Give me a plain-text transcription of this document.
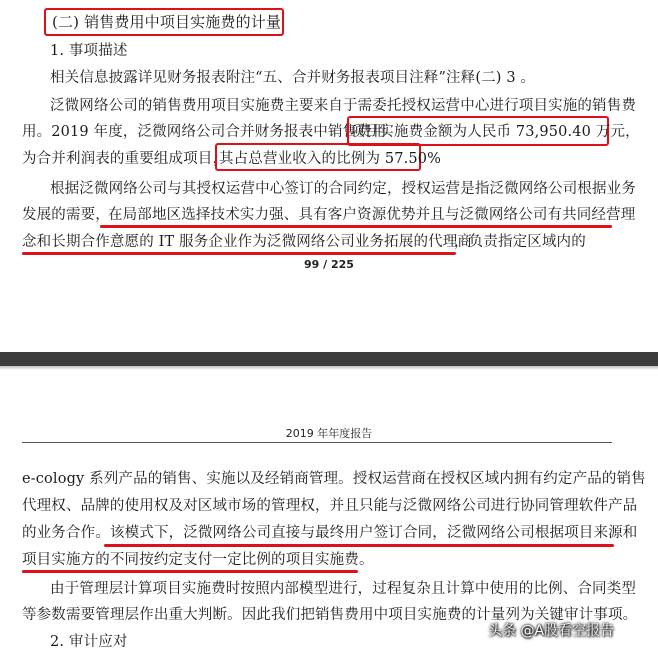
(二) 销售费用中项目实施费的计量
1. 事项描述
相关信息披露详见财务报表附注“五、合并财务报表项目注释”注释(二) 3 。
泛微网络公司的销售费用项目实施费主要来自于需委托授权运营中心进行项目实施的销售费
用。2019 年度，泛微网络公司合并财务报表中销售费用
项目实施费金额为人民币 73,950.40 万元，
为合并利润表的重要组成项目，
其占总营业收入的比例为 57.50%
根据泛微网络公司与其授权运营中心签订的合同约定，授权运营是指泛微网络公司根据业务
发展的需要，
在局部地区选择技术实力强、具有客户资源优势并且与泛微网络公司有共同经营理
念和长期合作意愿的 IT 服务企业作为泛微网络公司业务拓展的代理商
，负责指定区域内的
99 / 225
2019 年年度报告
e-cology 系列产品的销售、实施以及经销商管理。授权运营商在授权区域内拥有约定产品的销售
代理权、品牌的使用权及对区域市场的管理权，并且只能与泛微网络公司进行协同管理软件产品
的业务合作。 该模式下，泛微网络公司直接与最终用户签订合同，泛微网络公司根据项目来源和
项目实施方的不同按约定支付一定比例的项目实施费。
由于管理层计算项目实施费时按照内部模型进行，过程复杂且计算中使用的比例、合同类型
等参数需要管理层作出重大判断。因此我们把销售费用中项目实施费的计量列为关键审计事项。
2. 审计应对
头条 @A股看空报告
